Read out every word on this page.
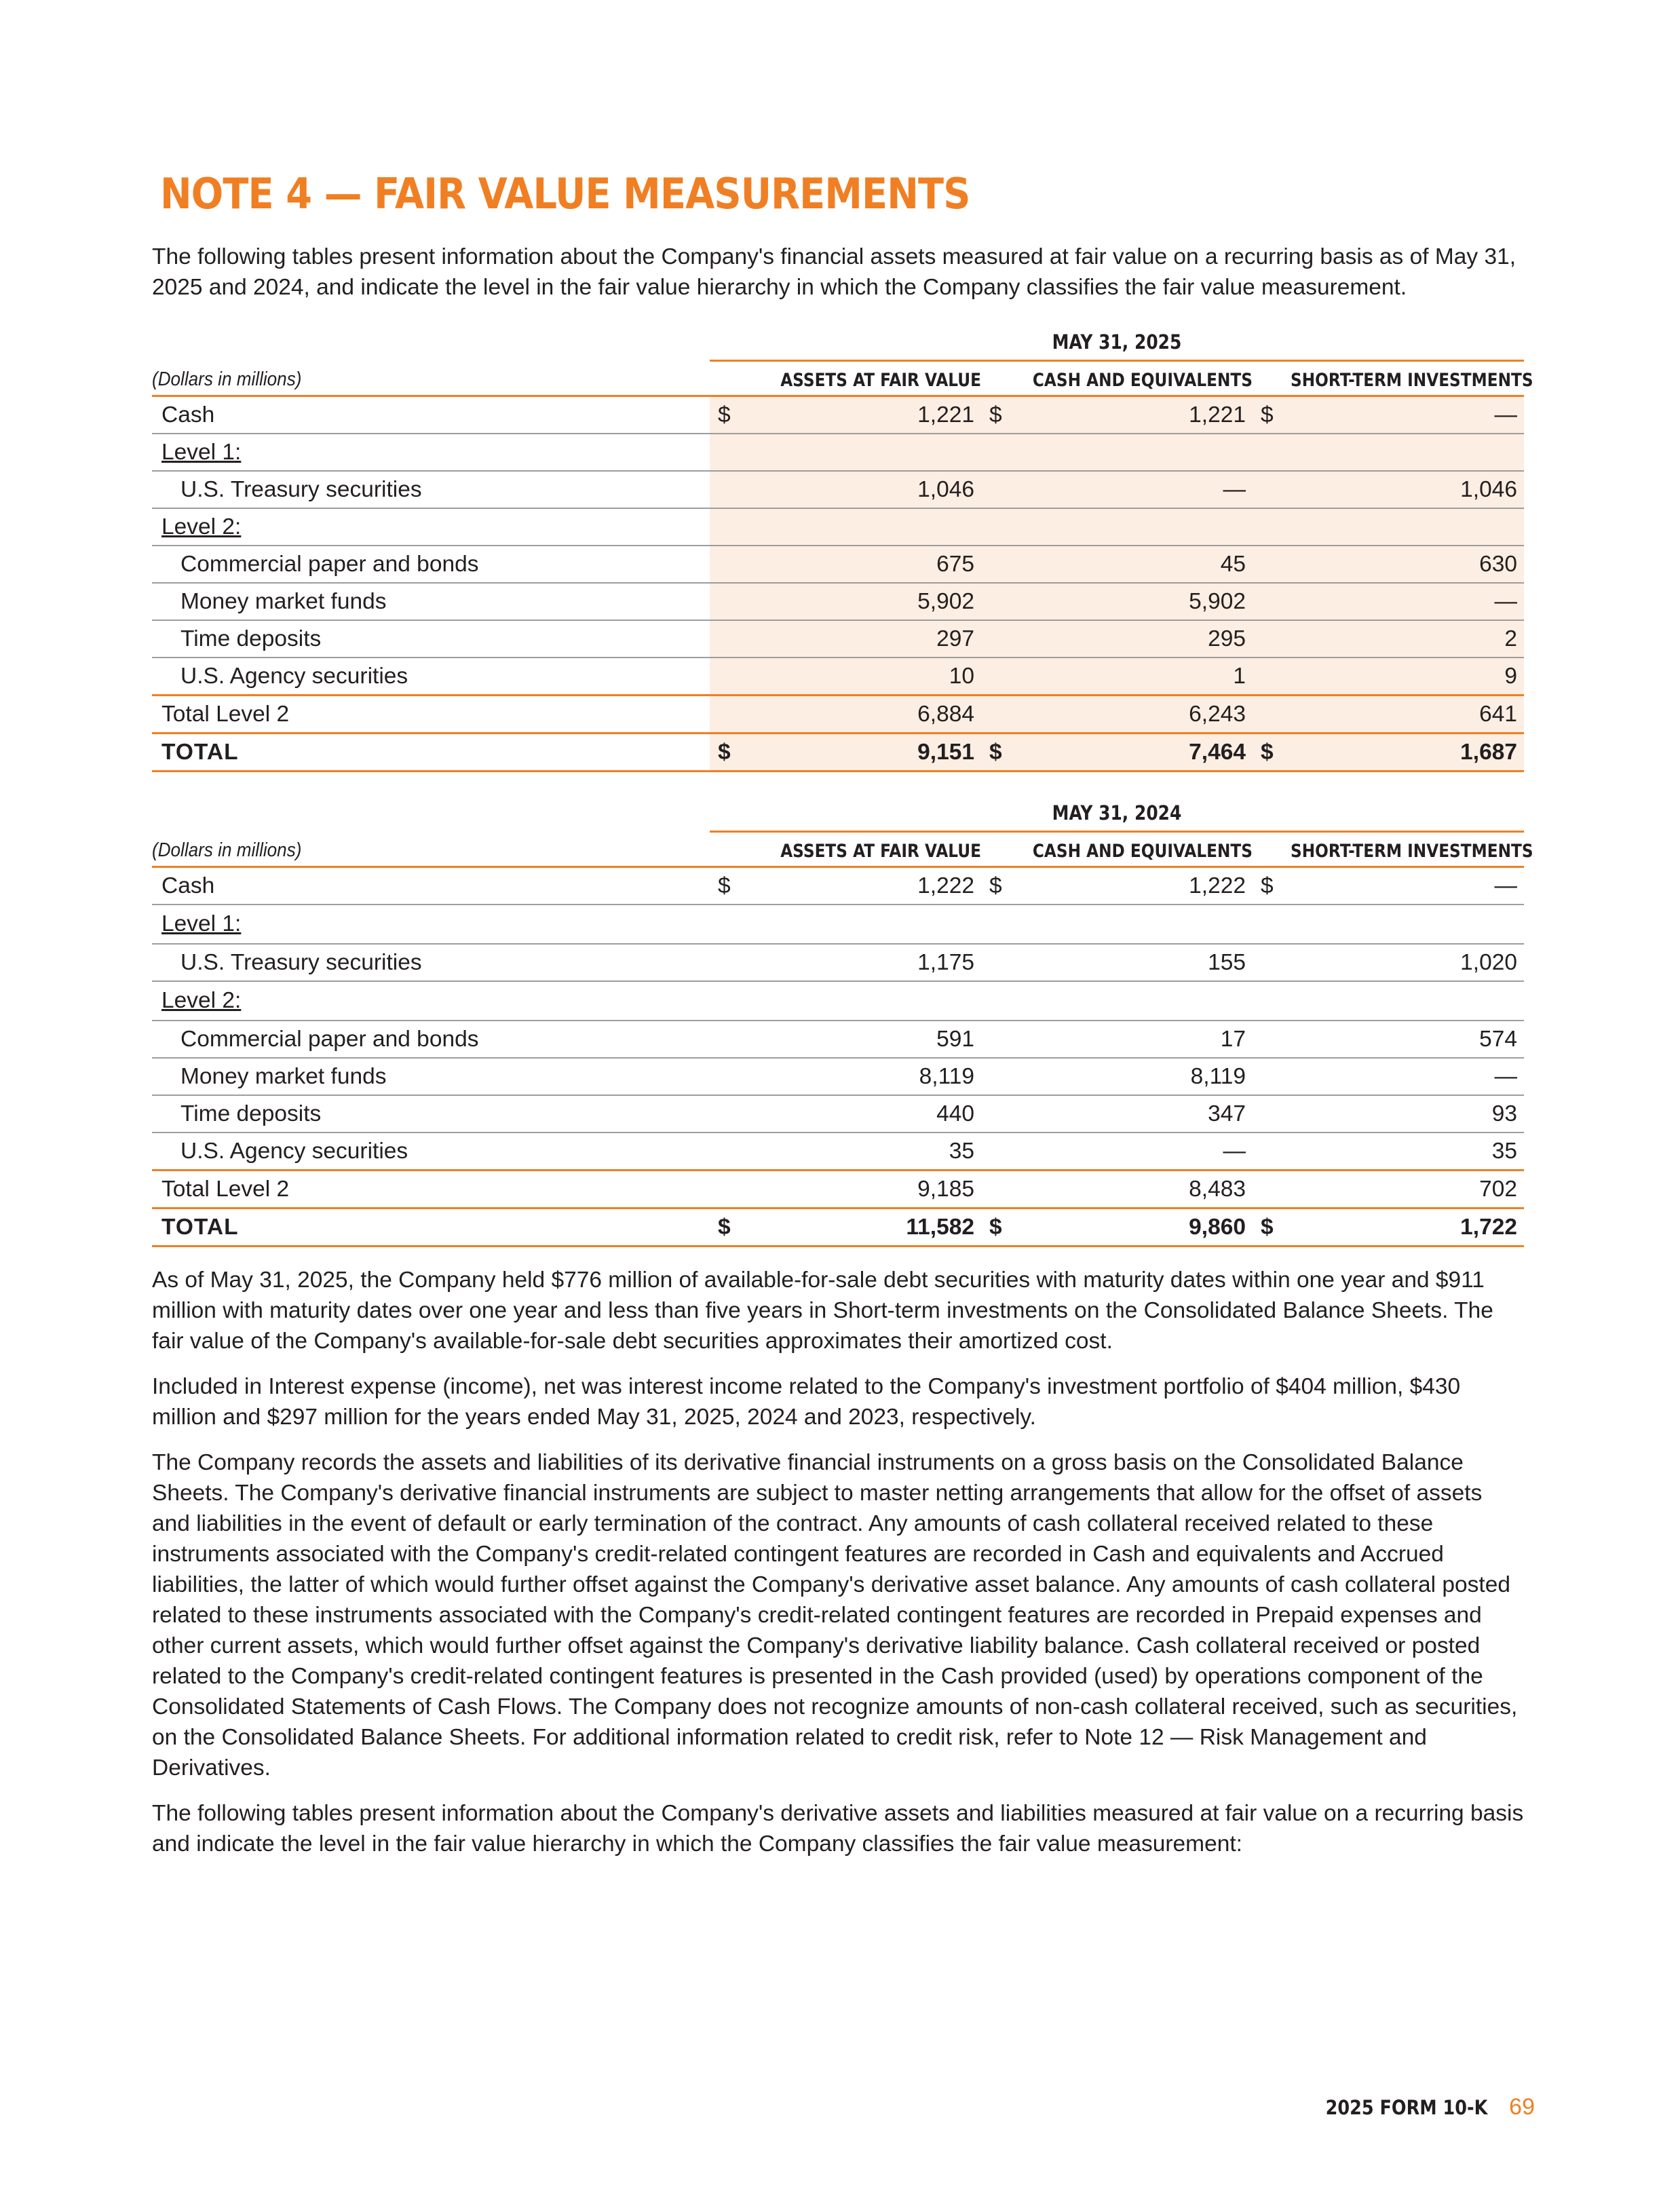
NOTE 4 — FAIR VALUE MEASUREMENTS

The following tables present information about the Company's financial assets measured at fair value on a recurring basis as of May 31, 2025 and 2024, and indicate the level in the fair value hierarchy in which the Company classifies the fair value measurement.

MAY 31, 2025
(Dollars in millions)	ASSETS AT FAIR VALUE	CASH AND EQUIVALENTS SHORT-TERM INVESTMENTS
Cash	$	1,221 $	1,221 $	—
Level 1:
U.S. Treasury securities	1,046	—	1,046
Level 2:
Commercial paper and bonds	675	45	630
Money market funds	5,902	5,902	—
Time deposits	297	295	2
U.S. Agency securities	10	1	9
Total Level 2	6,884	6,243	641
TOTAL	$	9,151 $	7,464 $	1,687
MAY 31, 2024
(Dollars in millions)	ASSETS AT FAIR VALUE	CASH AND EQUIVALENTS SHORT-TERM INVESTMENTS
Cash	$	1,222 $	1,222 $	—
Level 1:
U.S. Treasury securities	1,175	155	1,020
Level 2:
Commercial paper and bonds	591	17	574
Money market funds	8,119	8,119	—
Time deposits	440	347	93
U.S. Agency securities	35	—	35
Total Level 2	9,185	8,483	702
TOTAL	$	11,582 $	9,860 $	1,722

As of May 31, 2025, the Company held $776 million of available-for-sale debt securities with maturity dates within one year and $911 million with maturity dates over one year and less than five years in Short-term investments on the Consolidated Balance Sheets. The fair value of the Company's available-for-sale debt securities approximates their amortized cost.

Included in Interest expense (income), net was interest income related to the Company's investment portfolio of $404 million, $430 million and $297 million for the years ended May 31, 2025, 2024 and 2023, respectively.

The Company records the assets and liabilities of its derivative financial instruments on a gross basis on the Consolidated Balance Sheets. The Company's derivative financial instruments are subject to master netting arrangements that allow for the offset of assets and liabilities in the event of default or early termination of the contract. Any amounts of cash collateral received related to these instruments associated with the Company's credit-related contingent features are recorded in Cash and equivalents and Accrued liabilities, the latter of which would further offset against the Company's derivative asset balance. Any amounts of cash collateral posted related to these instruments associated with the Company's credit-related contingent features are recorded in Prepaid expenses and other current assets, which would further offset against the Company's derivative liability balance. Cash collateral received or posted related to the Company's credit-related contingent features is presented in the Cash provided (used) by operations component of the Consolidated Statements of Cash Flows. The Company does not recognize amounts of non-cash collateral received, such as securities, on the Consolidated Balance Sheets. For additional information related to credit risk, refer to Note 12 — Risk Management and Derivatives.

The following tables present information about the Company's derivative assets and liabilities measured at fair value on a recurring basis and indicate the level in the fair value hierarchy in which the Company classifies the fair value measurement:

2025 FORM 10-K 69
